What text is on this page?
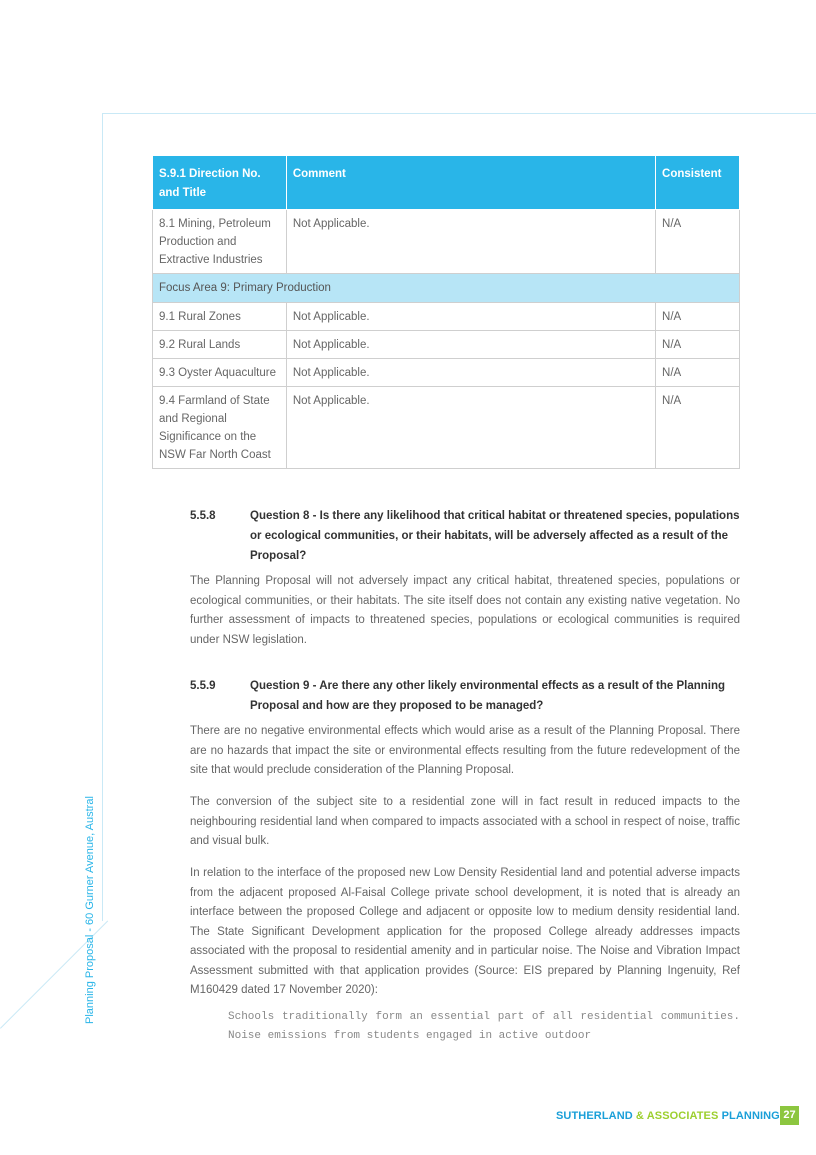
Planning Proposal - 60 Gurner Avenue, Austral
S.9.1 Direction No. and Title	Comment	Consistent
8.1 Mining, Petroleum Production and Extractive Industries	Not Applicable.	N/A
Focus Area 9: Primary Production		
9.1 Rural Zones	Not Applicable.	N/A
9.2 Rural Lands	Not Applicable.	N/A
9.3 Oyster Aquaculture	Not Applicable.	N/A
9.4 Farmland of State and Regional Significance on the NSW Far North Coast	Not Applicable.	N/A
5.5.8	Question 8 - Is there any likelihood that critical habitat or threatened species, populations or ecological communities, or their habitats, will be adversely affected as a result of the Proposal?

The Planning Proposal will not adversely impact any critical habitat, threatened species, populations or ecological communities, or their habitats. The site itself does not contain any existing native vegetation. No further assessment of impacts to threatened species, populations or ecological communities is required under NSW legislation.

5.5.9	Question 9 - Are there any other likely environmental effects as a result of the Planning Proposal and how are they proposed to be managed?

There are no negative environmental effects which would arise as a result of the Planning Proposal. There are no hazards that impact the site or environmental effects resulting from the future redevelopment of the site that would preclude consideration of the Planning Proposal.

The conversion of the subject site to a residential zone will in fact result in reduced impacts to the neighbouring residential land when compared to impacts associated with a school in respect of noise, traffic and visual bulk.

In relation to the interface of the proposed new Low Density Residential land and potential adverse impacts from the adjacent proposed Al-Faisal College private school development, it is noted that is already an interface between the proposed College and adjacent or opposite low to medium density residential land. The State Significant Development application for the proposed College already addresses impacts associated with the proposal to residential amenity and in particular noise. The Noise and Vibration Impact Assessment submitted with that application provides (Source: EIS prepared by Planning Ingenuity, Ref M160429 dated 17 November 2020):

Schools traditionally form an essential part of all residential communities. Noise emissions from students engaged in active outdoor

SUTHERLAND & ASSOCIATES PLANNING 27
